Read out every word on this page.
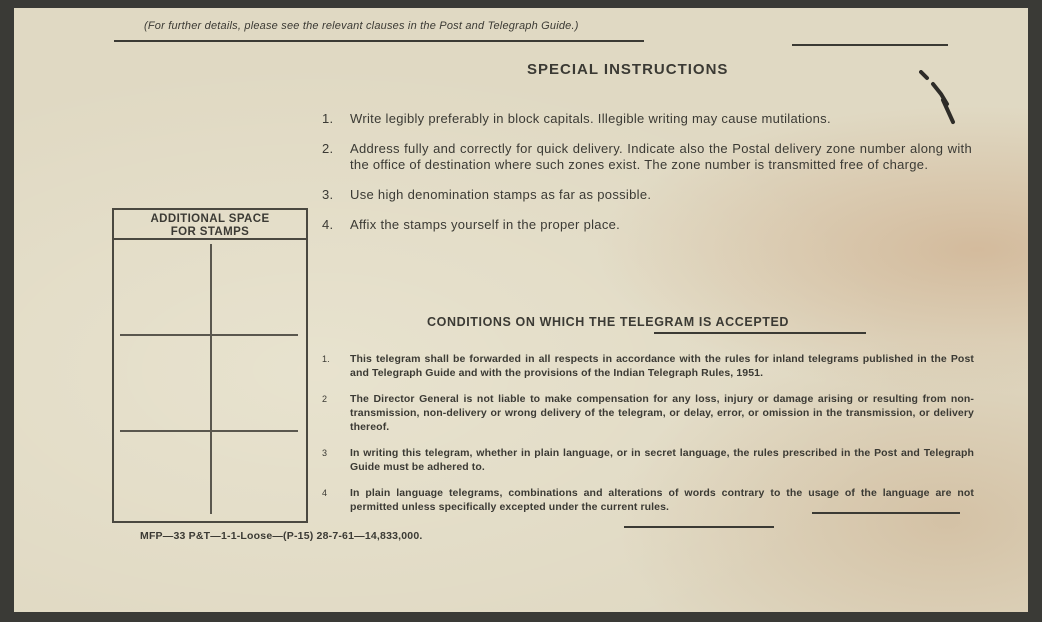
(For further details, please see the relevant clauses in the Post and Telegraph Guide.)
SPECIAL INSTRUCTIONS
1.	Write legibly preferably in block capitals. Illegible writing may cause mutilations.
2.	Address fully and correctly for quick delivery. Indicate also the Postal delivery zone number along with the office of destination where such zones exist. The zone number is transmitted free of charge.
3.	Use high denomination stamps as far as possible.
4.	Affix the stamps yourself in the proper place.
ADDITIONAL SPACE
FOR STAMPS
CONDITIONS ON WHICH THE TELEGRAM IS ACCEPTED
1.	This telegram shall be forwarded in all respects in accordance with the rules for inland telegrams published in the Post and Telegraph Guide and with the provisions of the Indian Telegraph Rules, 1951.
2	The Director General is not liable to make compensation for any loss, injury or damage arising or resulting from non-transmission, non-delivery or wrong delivery of the telegram, or delay, error, or omission in the transmission, or delivery thereof.
3	In writing this telegram, whether in plain language, or in secret language, the rules prescribed in the Post and Telegraph Guide must be adhered to.
4	In plain language telegrams, combinations and alterations of words contrary to the usage of the language are not permitted unless specifically excepted under the current rules.
MFP—33 P&T—1-1-Loose—(P-15) 28-7-61—14,833,000.
